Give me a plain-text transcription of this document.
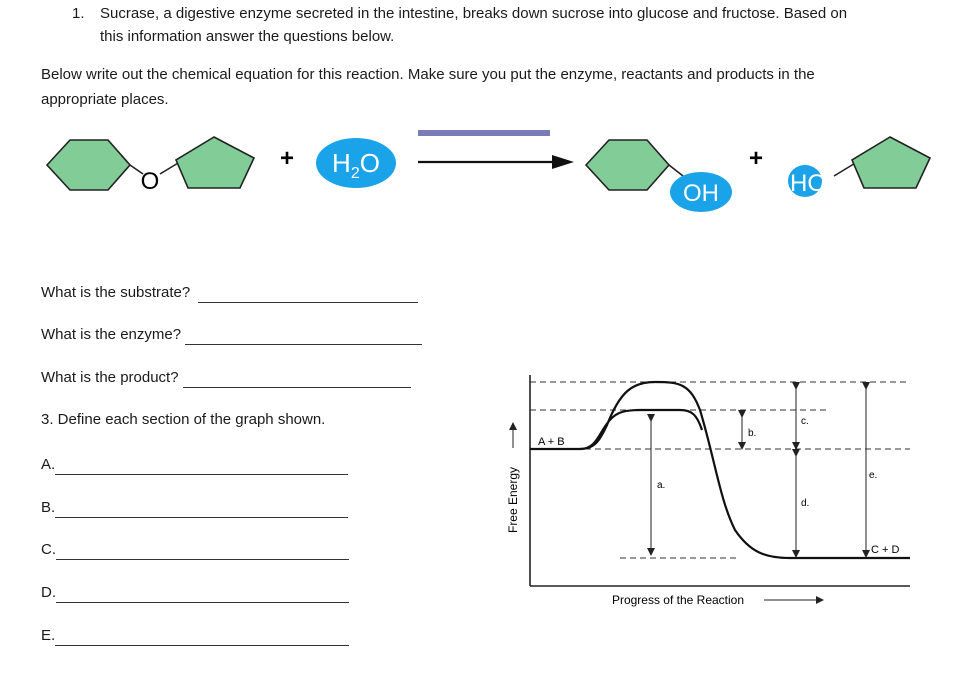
1. Sucrase, a digestive enzyme secreted in the intestine, breaks down sucrose into glucose and fructose. Based on
this information answer the questions below.
Below write out the chemical equation for this reaction. Make sure you put the enzyme, reactants and products in the
appropriate places.
O
+ $H_2O$
OH
+
HO
What is the substrate?
What is the enzyme?
What is the product?
3. Define each section of the graph shown.
A.
B.
C.
D.
E.
a.
b.
c.
d.
e.
A + B
C + D
Free Energy
Progress of the Reaction
